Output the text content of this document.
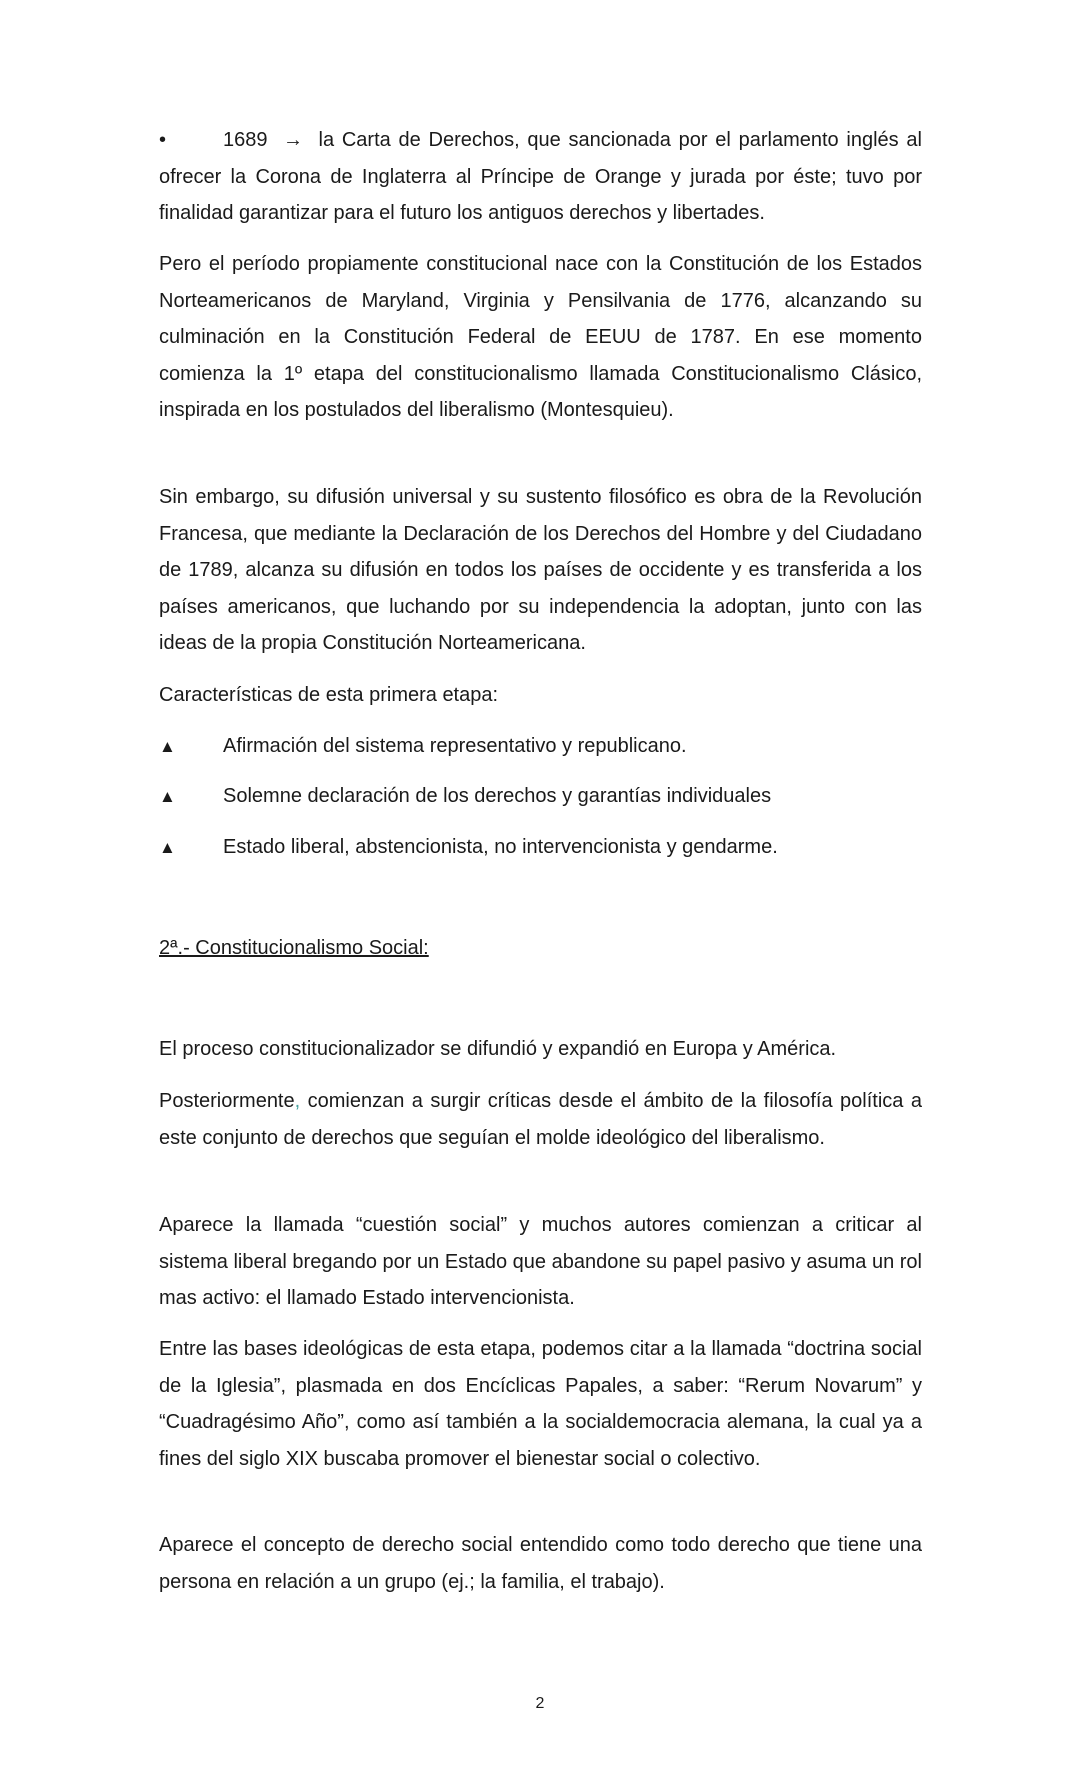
•	1689 → la Carta de Derechos, que sancionada por el parlamento inglés al ofrecer la Corona de Inglaterra al Príncipe de Orange y jurada por éste; tuvo por finalidad garantizar para el futuro los antiguos derechos y libertades.

Pero el período propiamente constitucional nace con la Constitución de los Estados Norteamericanos de Maryland, Virginia y Pensilvania de 1776, alcanzando su culminación en la Constitución Federal de EEUU de 1787. En ese momento comienza la 1º etapa del constitucionalismo llamada Constitucionalismo Clásico, inspirada en los postulados del liberalismo (Montesquieu).

Sin embargo, su difusión universal y su sustento filosófico es obra de la Revolución Francesa, que mediante la Declaración de los Derechos del Hombre y del Ciudadano de 1789, alcanza su difusión en todos los países de occidente y es transferida a los países americanos, que luchando por su independencia la adoptan, junto con las ideas de la propia Constitución Norteamericana.

Características de esta primera etapa:

▲ Afirmación del sistema representativo y republicano.
▲ Solemne declaración de los derechos y garantías individuales
▲ Estado liberal, abstencionista, no intervencionista y gendarme.
2ª.- Constitucionalismo Social:

El proceso constitucionalizador se difundió y expandió en Europa y América.

Posteriormente, comienzan a surgir críticas desde el ámbito de la filosofía política a este conjunto de derechos que seguían el molde ideológico del liberalismo.

Aparece la llamada “cuestión social” y muchos autores comienzan a criticar al sistema liberal bregando por un Estado que abandone su papel pasivo y asuma un rol mas activo: el llamado Estado intervencionista.

Entre las bases ideológicas de esta etapa, podemos citar a la llamada “doctrina social de la Iglesia”, plasmada en dos Encíclicas Papales, a saber: “Rerum Novarum” y “Cuadragésimo Año”, como así también a la socialdemocracia alemana, la cual ya a fines del siglo XIX buscaba promover el bienestar social o colectivo.

Aparece el concepto de derecho social entendido como todo derecho que tiene una persona en relación a un grupo (ej.; la familia, el trabajo).

2
